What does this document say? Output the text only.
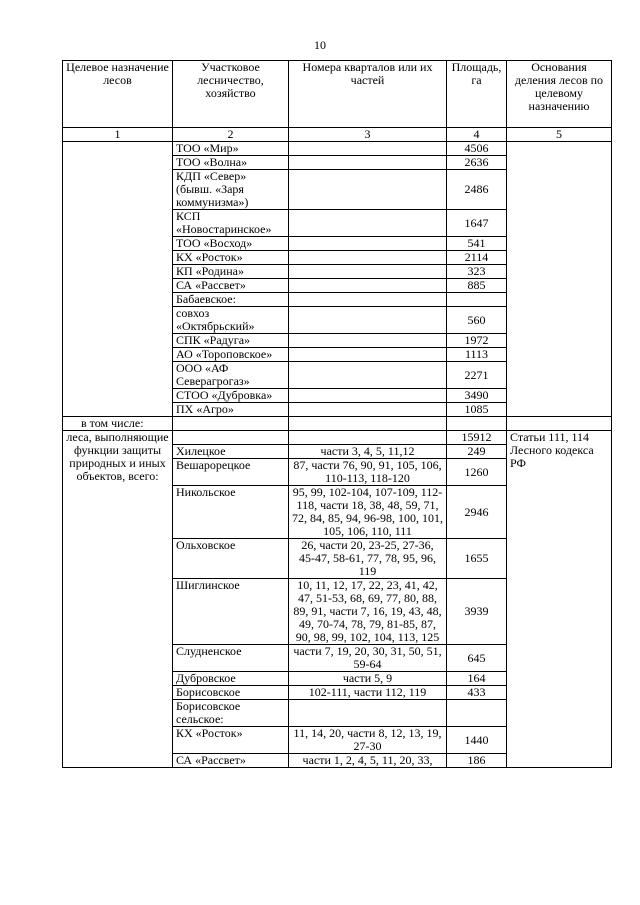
10
Целевое назначение лесов	Участковое лесничество, хозяйство	Номера кварталов или их частей	Площадь, га	Основания деления лесов по целевому назначению
1	2	3	4	5
	ТОО «Мир»		4506	
	ТОО «Волна»		2636	
	КДП «Север» (бывш. «Заря коммунизма»)		2486	
	КСП «Новостаринское»		1647	
	ТОО «Восход»		541	
	КХ «Росток»		2114	
	КП «Родина»		323	
	СА «Рассвет»		885	
	Бабаевское:			
	совхоз «Октябрьский»		560	
	СПК «Радуга»		1972	
	АО «Тороповское»		1113	
	ООО «АФ Северагрогаз»		2271	
	СТОО «Дубровка»		3490	
	ПХ «Агро»		1085	
в том числе:				
леса, выполняющие функции защиты природных и иных объектов, всего:			15912	Статьи 111, 114 Лесного кодекса РФ
	Хилецкое	части 3, 4, 5, 11,12	249	
	Вешарорецкое	87, части 76, 90, 91, 105, 106, 110-113, 118-120	1260	
	Никольское	95, 99, 102-104, 107-109, 112-118, части 18, 38, 48, 59, 71, 72, 84, 85, 94, 96-98, 100, 101, 105, 106, 110, 111	2946	
	Ольховское	26, части 20, 23-25, 27-36, 45-47, 58-61, 77, 78, 95, 96, 119	1655	
	Шиглинское	10, 11, 12, 17, 22, 23, 41, 42, 47, 51-53, 68, 69, 77, 80, 88, 89, 91, части 7, 16, 19, 43, 48, 49, 70-74, 78, 79, 81-85, 87, 90, 98, 99, 102, 104, 113, 125	3939	
	Слудненское	части 7, 19, 20, 30, 31, 50, 51, 59-64	645	
	Дубровское	части 5, 9	164	
	Борисовское	102-111, части 112, 119	433	
	Борисовское сельское:			
	КХ «Росток»	11, 14, 20, части 8, 12, 13, 19, 27-30	1440	
	СА «Рассвет»	части 1, 2, 4, 5, 11, 20, 33,	186	
